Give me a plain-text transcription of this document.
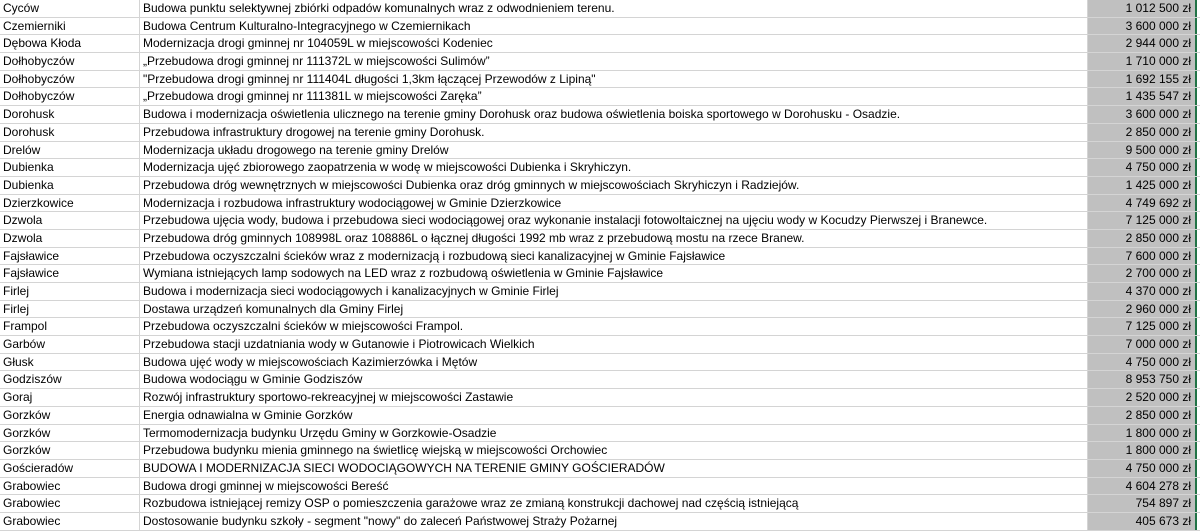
Cyców	Budowa punktu selektywnej zbiórki odpadów komunalnych wraz z odwodnieniem terenu.	1 012 500 zł
Czemierniki	Budowa Centrum Kulturalno-Integracyjnego w Czemiernikach	3 600 000 zł
Dębowa Kłoda	Modernizacja drogi gminnej nr 104059L w miejscowości Kodeniec	2 944 000 zł
Dołhobyczów	„Przebudowa drogi gminnej nr 111372L w miejscowości Sulimów”	1 710 000 zł
Dołhobyczów	"Przebudowa drogi gminnej nr 111404L długości 1,3km łączącej Przewodów z Lipiną"	1 692 155 zł
Dołhobyczów	„Przebudowa drogi gminnej nr 111381L w miejscowości Zaręka”	1 435 547 zł
Dorohusk	Budowa i modernizacja oświetlenia ulicznego na terenie gminy Dorohusk oraz budowa oświetlenia boiska sportowego w Dorohusku - Osadzie.	3 600 000 zł
Dorohusk	Przebudowa infrastruktury drogowej na terenie gminy Dorohusk.	2 850 000 zł
Drelów	Modernizacja układu drogowego na terenie gminy Drelów	9 500 000 zł
Dubienka	Modernizacja ujęć zbiorowego zaopatrzenia w wodę w miejscowości Dubienka i Skryhiczyn.	4 750 000 zł
Dubienka	Przebudowa dróg wewnętrznych w miejscowości Dubienka oraz dróg gminnych w miejscowościach Skryhiczyn i Radziejów.	1 425 000 zł
Dzierzkowice	Modernizacja i rozbudowa infrastruktury wodociągowej w Gminie Dzierzkowice	4 749 692 zł
Dzwola	Przebudowa ujęcia wody, budowa i przebudowa sieci wodociągowej oraz wykonanie instalacji fotowoltaicznej na ujęciu wody w Kocudzy Pierwszej i Branewce.	7 125 000 zł
Dzwola	Przebudowa dróg gminnych 108998L oraz 108886L o łącznej długości 1992 mb wraz z przebudową mostu na rzece Branew.	2 850 000 zł
Fajsławice	Przebudowa oczyszczalni ścieków wraz z modernizacją i rozbudową sieci kanalizacyjnej w Gminie Fajsławice	7 600 000 zł
Fajsławice	Wymiana istniejących lamp sodowych na LED wraz z rozbudową oświetlenia w Gminie Fajsławice	2 700 000 zł
Firlej	Budowa i modernizacja sieci wodociągowych i kanalizacyjnych w Gminie Firlej	4 370 000 zł
Firlej	Dostawa urządzeń komunalnych dla Gminy Firlej	2 960 000 zł
Frampol	Przebudowa oczyszczalni ścieków w miejscowości Frampol.	7 125 000 zł
Garbów	Przebudowa stacji uzdatniania wody w Gutanowie i Piotrowicach Wielkich	7 000 000 zł
Głusk	Budowa ujęć wody w miejscowościach Kazimierzówka i Mętów	4 750 000 zł
Godziszów	Budowa wodociągu w Gminie Godziszów	8 953 750 zł
Goraj	Rozwój infrastruktury sportowo-rekreacyjnej w miejscowości Zastawie	2 520 000 zł
Gorzków	Energia odnawialna w Gminie Gorzków	2 850 000 zł
Gorzków	Termomodernizacja budynku Urzędu Gminy w Gorzkowie-Osadzie	1 800 000 zł
Gorzków	Przebudowa budynku mienia gminnego na świetlicę wiejską w miejscowości Orchowiec	1 800 000 zł
Gościeradów	BUDOWA I MODERNIZACJA SIECI WODOCIĄGOWYCH NA TERENIE GMINY GOŚCIERADÓW	4 750 000 zł
Grabowiec	Budowa drogi gminnej w miejscowości Bereść	4 604 278 zł
Grabowiec	Rozbudowa istniejącej remizy OSP o pomieszczenia garażowe wraz ze zmianą konstrukcji dachowej nad częścią istniejącą	754 897 zł
Grabowiec	Dostosowanie budynku szkoły - segment "nowy" do zaleceń Państwowej Straży Pożarnej	405 673 zł
